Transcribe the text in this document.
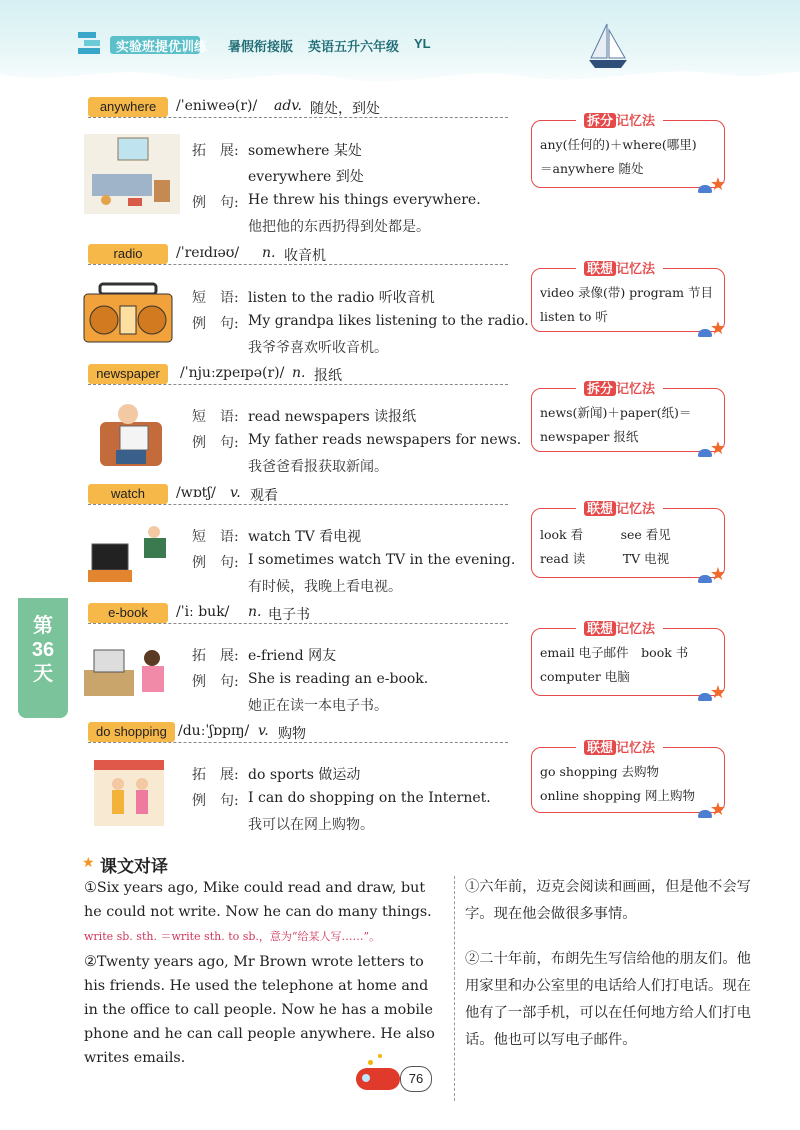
实验班提优训练 暑假衔接版 英语五升六年级 YL
anywhere	/ˈeniweə(r)/ adv. 随处，到处
拓　展: somewhere 某处
everywhere 到处
例　句: He threw his things everywhere.
他把他的东西扔得到处都是。
拆分 记忆法
any(任何的)＋where(哪里)
＝anywhere 随处
★
radio	/ˈreɪdɪəʊ/ n. 收音机
短　语: listen to the radio 听收音机
例　句: My grandpa likes listening to the radio.
我爷爷喜欢听收音机。
联想 记忆法
video 录像(带) program 节目
listen to 听
★
newspaper	/ˈnjuːzpeɪpə(r)/ n. 报纸
短　语: read newspapers 读报纸
例　句: My father reads newspapers for news.
我爸爸看报获取新闻。
拆分 记忆法
news(新闻)＋paper(纸)＝
newspaper 报纸
★
watch	/wɒtʃ/ v. 观看
短　语: watch TV 看电视
例　句: I sometimes watch TV in the evening.
有时候，我晚上看电视。
联想 记忆法
look 看　　　see 看见
read 读　　　TV 电视
★
e-book	/ˈiː buk/ n. 电子书
拓　展: e-friend 网友
例　句: She is reading an e-book.
她正在读一本电子书。
联想 记忆法
email 电子邮件　book 书
computer 电脑
★
do shopping /duːˈʃɒpɪŋ/ v. 购物
拓　展: do sports 做运动
例　句: I can do shopping on the Internet.
我可以在网上购物。
联想 记忆法
go shopping 去购物
online shopping 网上购物
★
第
36
天
★ 课文对译
①Six years ago, Mike could read and draw, but he could not write. Now he can do many things.
write sb. sth. ＝write sth. to sb.，意为“给某人写……”。
②Twenty years ago, Mr Brown wrote letters to his friends. He used the telephone at home and in the office to call people. Now he has a mobile phone and he can call people anywhere. He also writes emails.
①六年前，迈克会阅读和画画，但是他不会写字。现在他会做很多事情。
②二十年前，布朗先生写信给他的朋友们。他用家里和办公室里的电话给人们打电话。现在他有了一部手机，可以在任何地方给人们打电话。他也可以写电子邮件。
76
